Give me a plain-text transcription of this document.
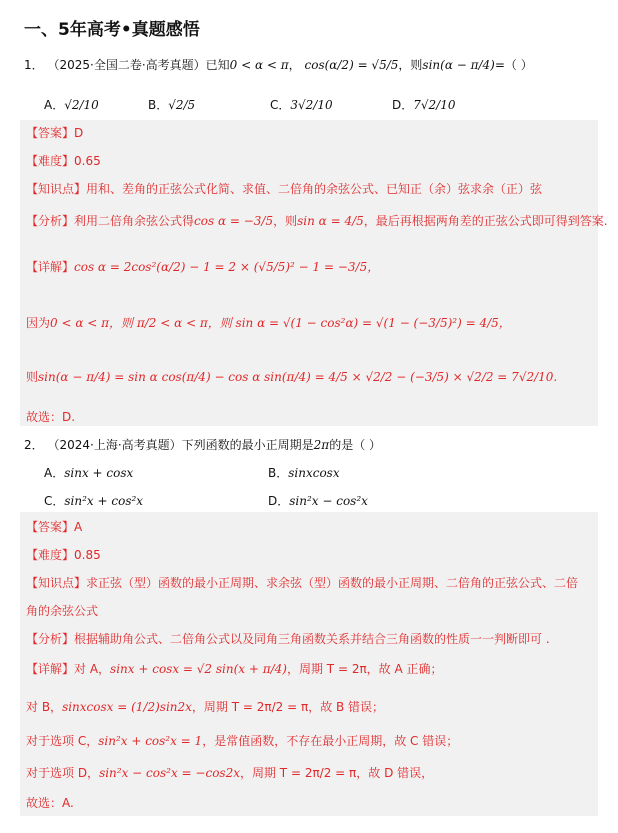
一、5年高考•真题感悟
1． （2025·全国二卷·高考真题）已知0 < α < π， cos(α/2) = √5/5，则sin(α − π/4)=（ ）
A．√2/10	B．√2/5	C．3√2/10	D．7√2/10
【答案】D
【难度】0.65
【知识点】用和、差角的正弦公式化简、求值、二倍角的余弦公式、已知正（余）弦求余（正）弦
【分析】利用二倍角余弦公式得cos α = −3/5，则sin α = 4/5，最后再根据两角差的正弦公式即可得到答案.
【详解】cos α = 2cos²(α/2) − 1 = 2 × (√5/5)² − 1 = −3/5，
因为0 < α < π，则 π/2 < α < π，则 sin α = √(1 − cos²α) = √(1 − (−3/5)²) = 4/5，
则sin(α − π/4) = sin α cos(π/4) − cos α sin(π/4) = 4/5 × √2/2 − (−3/5) × √2/2 = 7√2/10.
故选：D.
2． （2024·上海·高考真题）下列函数的最小正周期是2π的是（ ）
A．sinx + cosx	B．sinxcosx
C．sin²x + cos²x	D．sin²x − cos²x
【答案】A
【难度】0.85
【知识点】求正弦（型）函数的最小正周期、求余弦（型）函数的最小正周期、二倍角的正弦公式、二倍
角的余弦公式
【分析】根据辅助角公式、二倍角公式以及同角三角函数关系并结合三角函数的性质一一判断即可 .
【详解】对 A，sinx + cosx = √2 sin(x + π/4)，周期 T = 2π，故 A 正确；
对 B，sinxcosx = (1/2)sin2x，周期 T = 2π/2 = π，故 B 错误；
对于选项 C，sin²x + cos²x = 1，是常值函数，不存在最小正周期，故 C 错误；
对于选项 D，sin²x − cos²x = −cos2x，周期 T = 2π/2 = π，故 D 错误，
故选：A.
